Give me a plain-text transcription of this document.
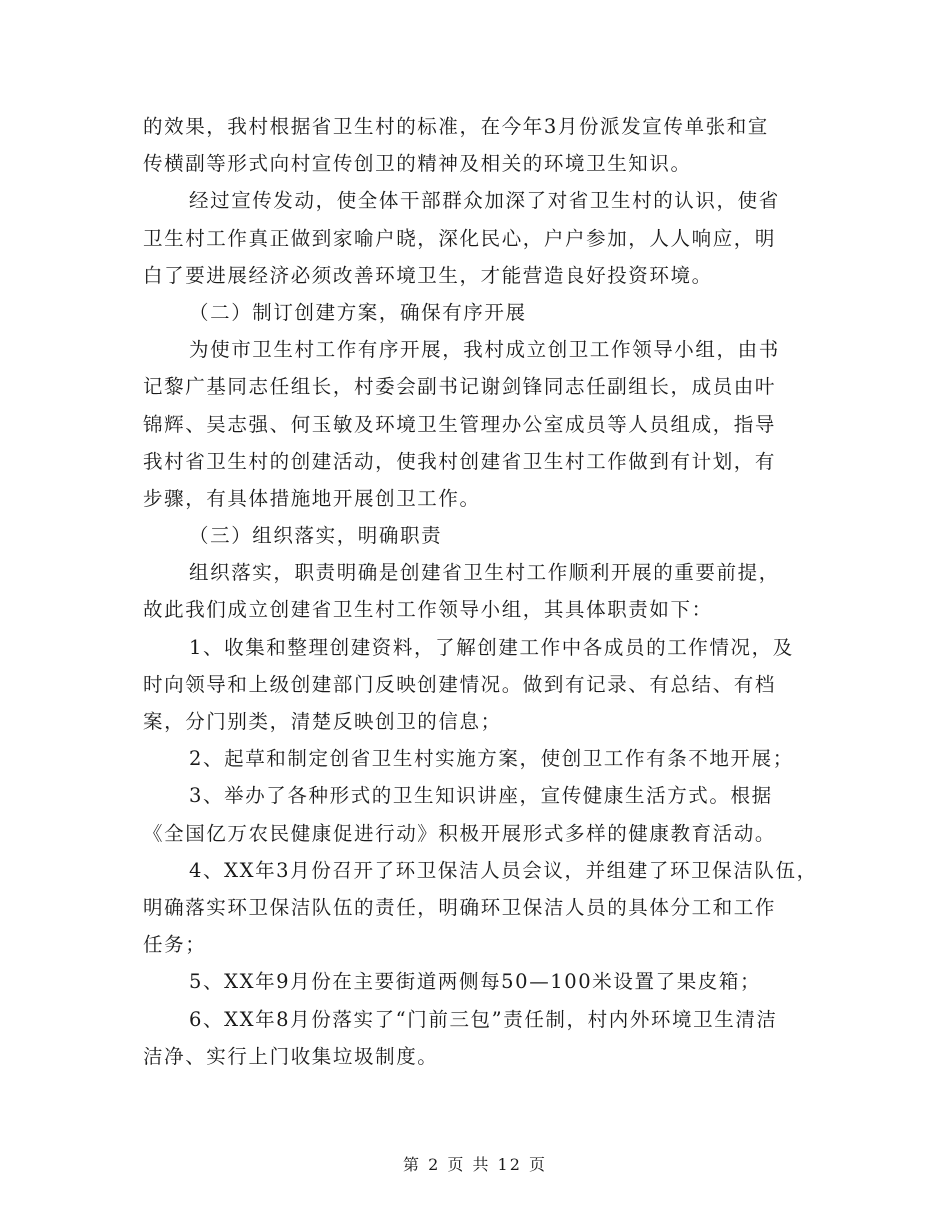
的效果，我村根据省卫生村的标准，在今年3月份派发宣传单张和宣
传横副等形式向村宣传创卫的精神及相关的环境卫生知识。
经过宣传发动，使全体干部群众加深了对省卫生村的认识，使省
卫生村工作真正做到家喻户晓，深化民心，户户参加，人人响应，明
白了要进展经济必须改善环境卫生，才能营造良好投资环境。
（二）制订创建方案，确保有序开展
为使市卫生村工作有序开展，我村成立创卫工作领导小组，由书
记黎广基同志任组长，村委会副书记谢剑锋同志任副组长，成员由叶
锦辉、吴志强、何玉敏及环境卫生管理办公室成员等人员组成，指导
我村省卫生村的创建活动，使我村创建省卫生村工作做到有计划，有
步骤，有具体措施地开展创卫工作。
（三）组织落实，明确职责
组织落实，职责明确是创建省卫生村工作顺利开展的重要前提，
故此我们成立创建省卫生村工作领导小组，其具体职责如下：
1、收集和整理创建资料，了解创建工作中各成员的工作情况，及
时向领导和上级创建部门反映创建情况。做到有记录、有总结、有档
案，分门别类，清楚反映创卫的信息；
2、起草和制定创省卫生村实施方案，使创卫工作有条不地开展；
3、举办了各种形式的卫生知识讲座，宣传健康生活方式。根据
《全国亿万农民健康促进行动》积极开展形式多样的健康教育活动。
4、XX年3月份召开了环卫保洁人员会议，并组建了环卫保洁队伍，
明确落实环卫保洁队伍的责任，明确环卫保洁人员的具体分工和工作
任务；
5、XX年9月份在主要街道两侧每50—100米设置了果皮箱；
6、XX年8月份落实了“门前三包”责任制，村内外环境卫生清洁
洁净、实行上门收集垃圾制度。
第 2 页 共 12 页
